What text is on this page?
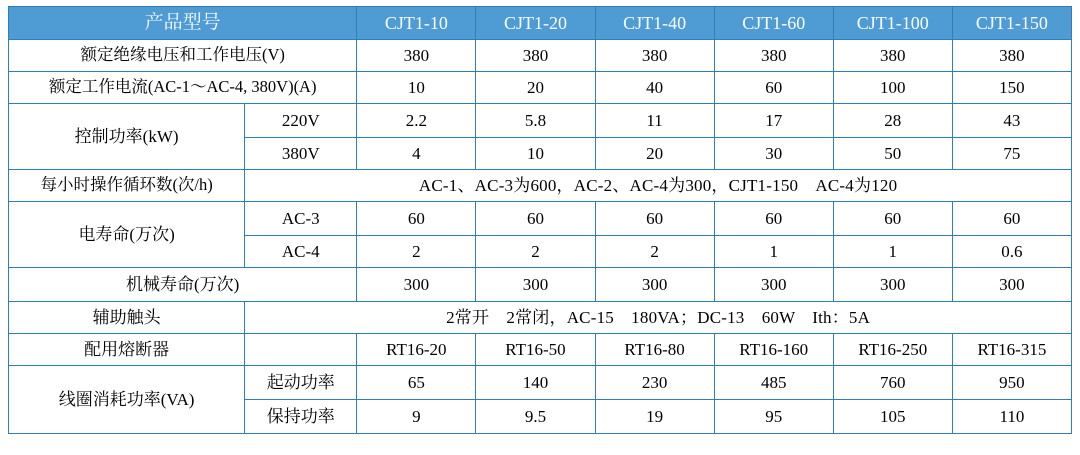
产品型号		CJT1-10	CJT1-20	CJT1-40	CJT1-60	CJT1-100	CJT1-150
额定绝缘电压和工作电压(V)		380	380	380	380	380	380
额定工作电流(AC-1～AC-4, 380V)(A)		10	20	40	60	100	150
控制功率(kW)	220V	2.2	5.8	11	17	28	43
	380V	4	10	20	30	50	75
每小时操作循环数(次/h)	AC-1、AC-3为600，AC-2、AC-4为300，CJT1-150　AC-4为120						
电寿命(万次)	AC-3	60	60	60	60	60	60
	AC-4	2	2	2	1	1	0.6
机械寿命(万次)		300	300	300	300	300	300
辅助触头	2常开　2常闭，AC-15　180VA；DC-13　60W　Ith：5A						
配用熔断器		RT16-20	RT16-50	RT16-80	RT16-160	RT16-250	RT16-315
线圈消耗功率(VA)	起动功率	65	140	230	485	760	950
	保持功率	9	9.5	19	95	105	110
